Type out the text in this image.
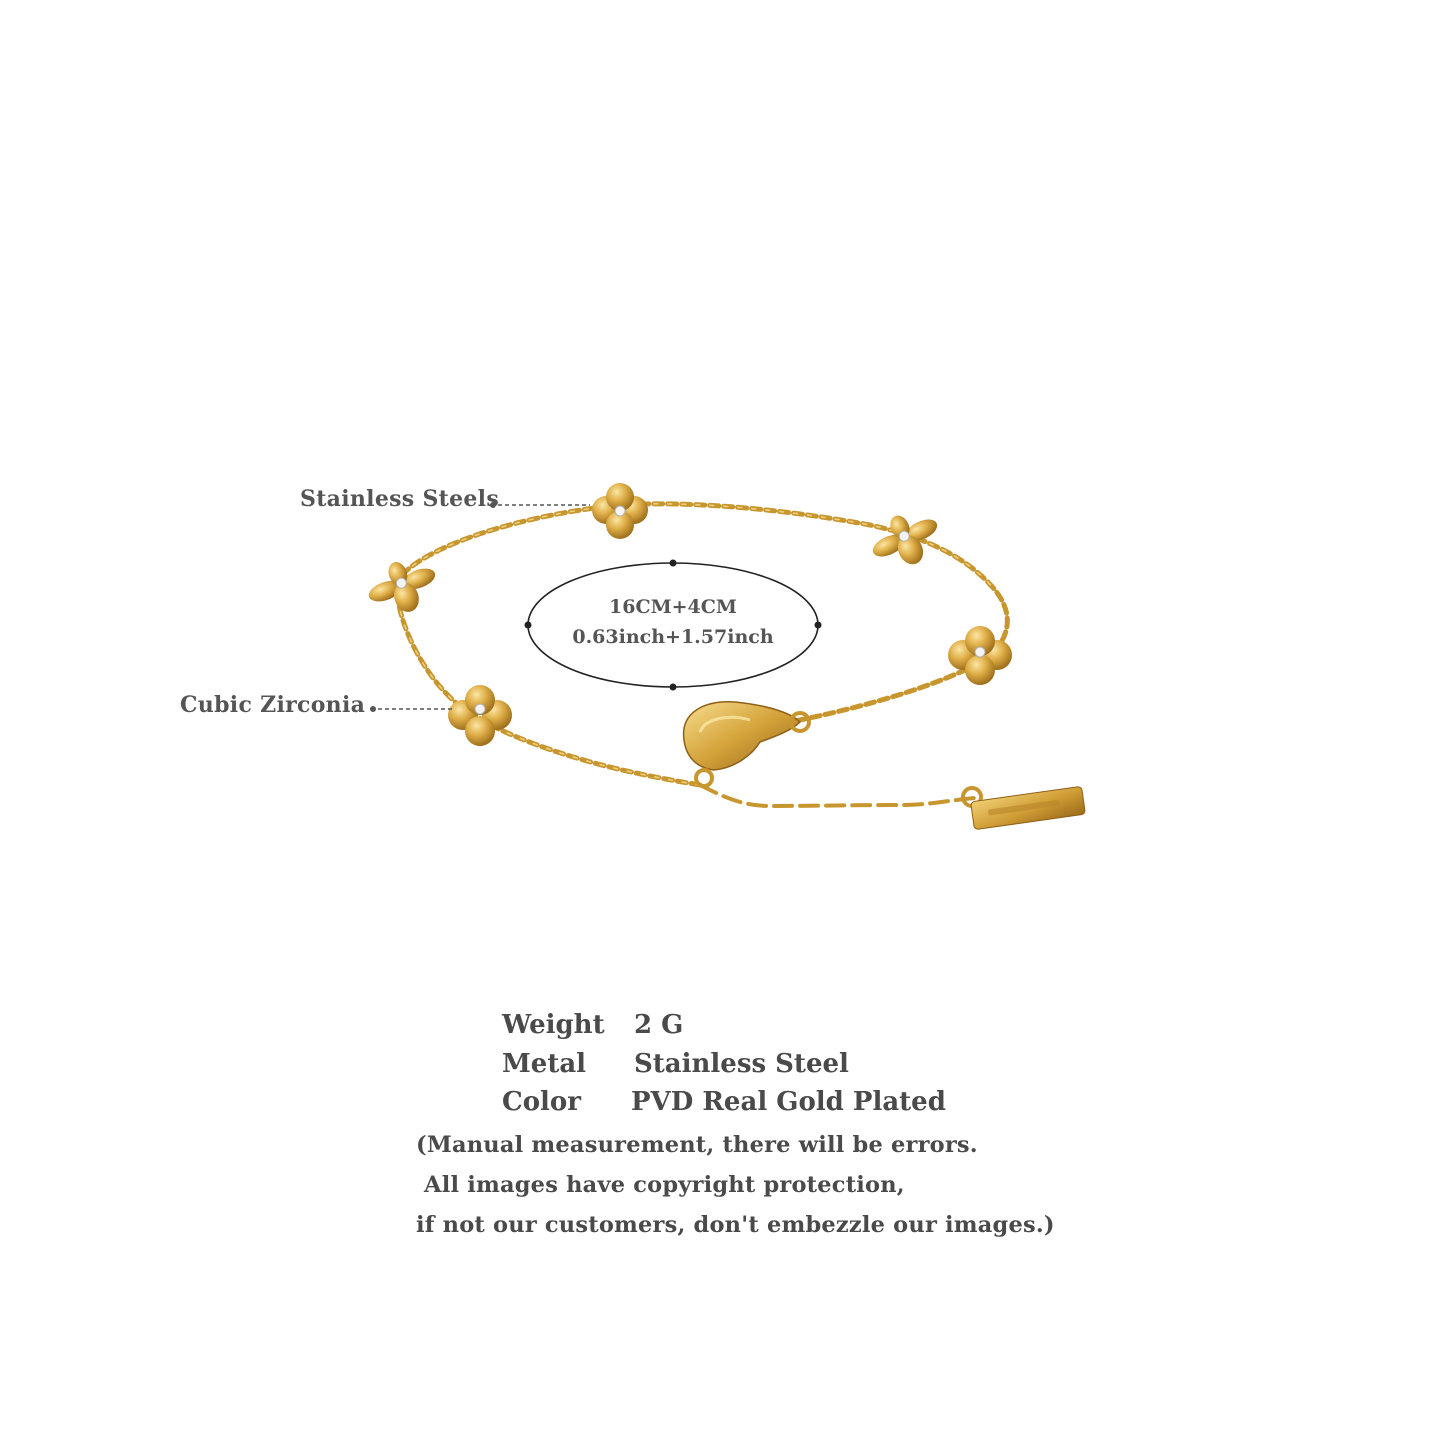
Stainless Steels
Cubic Zirconia
16CM+4CM
0.63inch+1.57inch
Weight 2 G
Metal Stainless Steel
Color PVD Real Gold Plated
(Manual measurement, there will be errors.
All images have copyright protection,
if not our customers, don't embezzle our images.)
